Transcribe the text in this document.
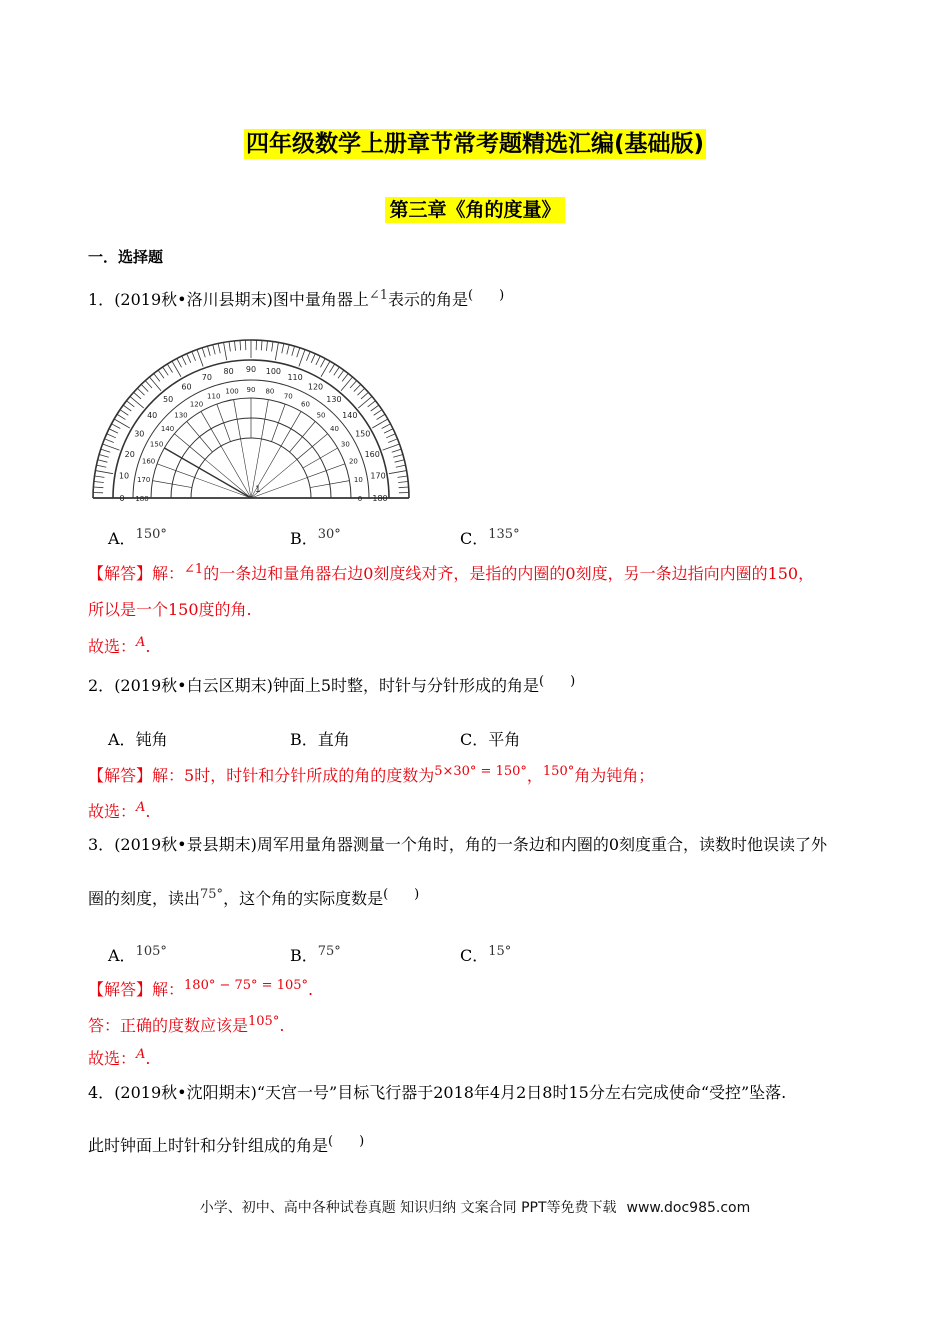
四年级数学上册章节常考题精选汇编(基础版)
第三章《角的度量》
一．选择题
1．(2019秋•洛川县期末)图中量角器上$^{\angle 1}$表示的角是(　　)
0 180
10 170
20
160
30
150
40
140
50
130
60
120
70
110
80
100
90
90
100
80
110
70
120
60
130
50 140
40
150
30
160
20
170
10
180
0
1
A．$^{150^\circ}$	B．$^{30^\circ}$	C．$^{135^\circ}$
【解答】解：$^{\angle 1}$的一条边和量角器右边0刻度线对齐，是指的内圈的0刻度，另一条边指向内圈的150，
所以是一个150度的角.
故选：$^A$.
2．(2019秋•白云区期末)钟面上5时整，时针与分针形成的角是(　　)
A．钝角	B．直角	C．平角
【解答】解：5时，时针和分针所成的角的度数为$^{5\times 30^\circ = 150^\circ}$，$^{150^\circ}$角为钝角；
故选：$^A$.
3．(2019秋•景县期末)周军用量角器测量一个角时，角的一条边和内圈的0刻度重合，读数时他误读了外
圈的刻度，读出$^{75^\circ}$，这个角的实际度数是(　　)
A．$^{105^\circ}$	B．$^{75^\circ}$	C．$^{15^\circ}$
【解答】解：$^{180^\circ - 75^\circ = 105^\circ}$.
答：正确的度数应该是$^{105^\circ}$.
故选：$^A$.
4．(2019秋•沈阳期末)“天宫一号”目标飞行器于2018年4月2日8时15分左右完成使命“受控”坠落.
此时钟面上时针和分针组成的角是(　　)
小学、初中、高中各种试卷真题 知识归纳 文案合同 PPT等免费下载 www.doc985.com
